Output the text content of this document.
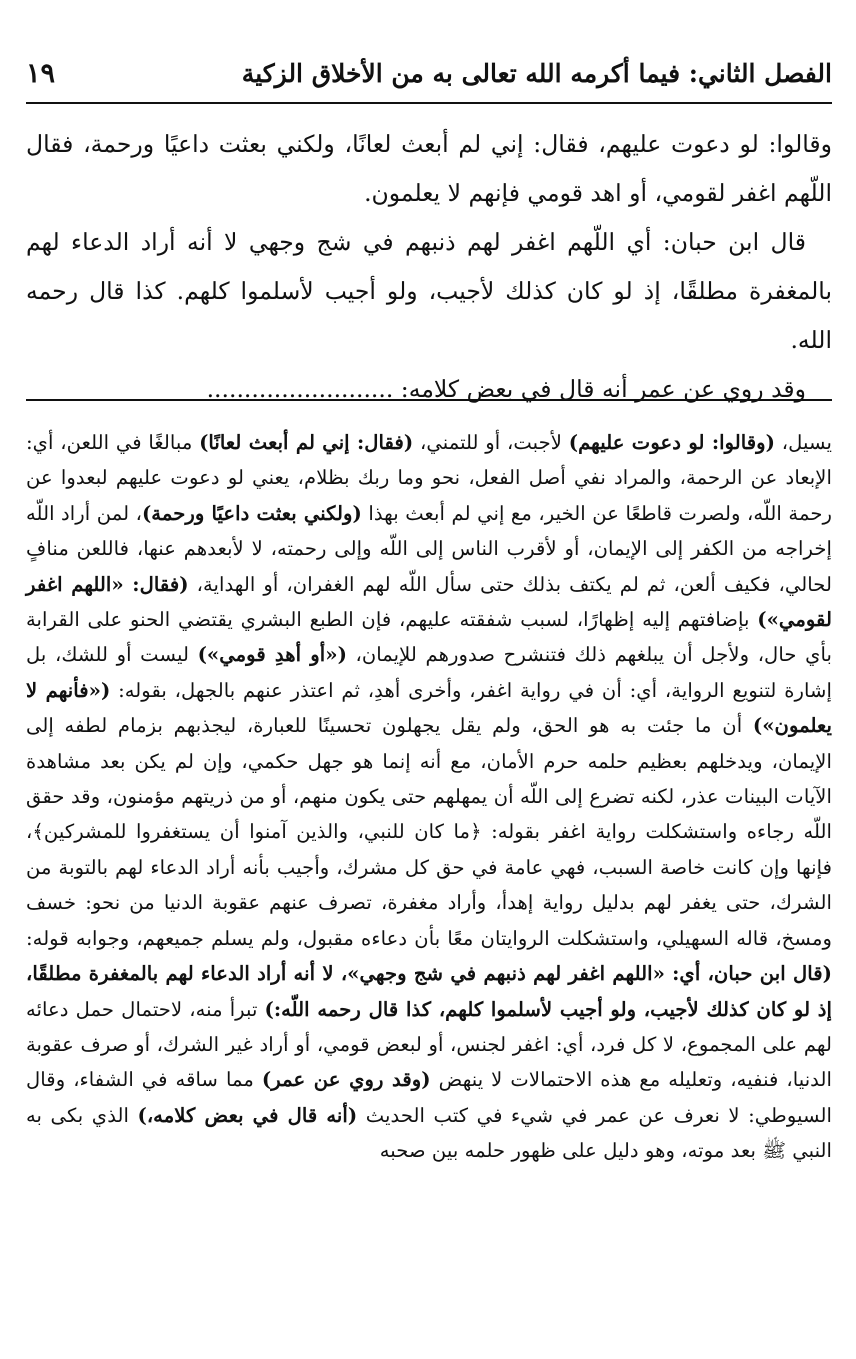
الفصل الثاني: فيما أكرمه الله تعالى به من الأخلاق الزكية
١٩

وقالوا: لو دعوت عليهم، فقال: إني لم أبعث لعانًا، ولكني بعثت داعيًا ورحمة، فقال اللّهم اغفر لقومي، أو اهد قومي فإنهم لا يعلمون.

قال ابن حبان: أي اللّهم اغفر لهم ذنبهم في شج وجهي لا أنه أراد الدعاء لهم بالمغفرة مطلقًا، إذ لو كان كذلك لأجيب، ولو أجيب لأسلموا كلهم. كذا قال رحمه الله.

وقد روي عن عمر أنه قال في بعض كلامه: .........................

يسيل، (وقالوا: لو دعوت عليهم) لأجبت، أو للتمني، (فقال: إني لم أبعث لعانًا) مبالغًا في اللعن، أي: الإبعاد عن الرحمة، والمراد نفي أصل الفعل، نحو وما ربك بظلام، يعني لو دعوت عليهم لبعدوا عن رحمة اللّه، ولصرت قاطعًا عن الخير، مع إني لم أبعث بهذا (ولكني بعثت داعيًا ورحمة)، لمن أراد اللّه إخراجه من الكفر إلى الإيمان، أو لأقرب الناس إلى اللّه وإلى رحمته، لا لأبعدهم عنها، فاللعن منافٍ لحالي، فكيف ألعن، ثم لم يكتف بذلك حتى سأل اللّه لهم الغفران، أو الهداية، (فقال: «اللهم اغفر لقومي») بإضافتهم إليه إظهارًا، لسبب شفقته عليهم، فإن الطبع البشري يقتضي الحنو على القرابة بأي حال، ولأجل أن يبلغهم ذلك فتنشرح صدورهم للإيمان، («أو أهدِ قومي») ليست أو للشك، بل إشارة لتنويع الرواية، أي: أن في رواية اغفر، وأخرى أهدِ، ثم اعتذر عنهم بالجهل، بقوله: («فأنهم لا يعلمون») أن ما جئت به هو الحق، ولم يقل يجهلون تحسينًا للعبارة، ليجذبهم بزمام لطفه إلى الإيمان، ويدخلهم بعظيم حلمه حرم الأمان، مع أنه إنما هو جهل حكمي، وإن لم يكن بعد مشاهدة الآيات البينات عذر، لكنه تضرع إلى اللّه أن يمهلهم حتى يكون منهم، أو من ذريتهم مؤمنون، وقد حقق اللّه رجاءه واستشكلت رواية اغفر بقوله: ﴿ما كان للنبي، والذين آمنوا أن يستغفروا للمشركين﴾، فإنها وإن كانت خاصة السبب، فهي عامة في حق كل مشرك، وأجيب بأنه أراد الدعاء لهم بالتوبة من الشرك، حتى يغفر لهم بدليل رواية إهدأ، وأراد مغفرة، تصرف عنهم عقوبة الدنيا من نحو: خسف ومسخ، قاله السهيلي، واستشكلت الروايتان معًا بأن دعاءه مقبول، ولم يسلم جميعهم، وجوابه قوله: (قال ابن حبان، أي: «اللهم اغفر لهم ذنبهم في شج وجهي»، لا أنه أراد الدعاء لهم بالمغفرة مطلقًا، إذ لو كان كذلك لأجيب، ولو أجيب لأسلموا كلهم، كذا قال رحمه اللّه:) تبرأ منه، لاحتمال حمل دعائه لهم على المجموع، لا كل فرد، أي: اغفر لجنس، أو لبعض قومي، أو أراد غير الشرك، أو صرف عقوبة الدنيا، فنفيه، وتعليله مع هذه الاحتمالات لا ينهض (وقد روي عن عمر) مما ساقه في الشفاء، وقال السيوطي: لا نعرف عن عمر في شيء في كتب الحديث (أنه قال في بعض كلامه،) الذي بكى به النبي ﷺ بعد موته، وهو دليل على ظهور حلمه بين صحبه
